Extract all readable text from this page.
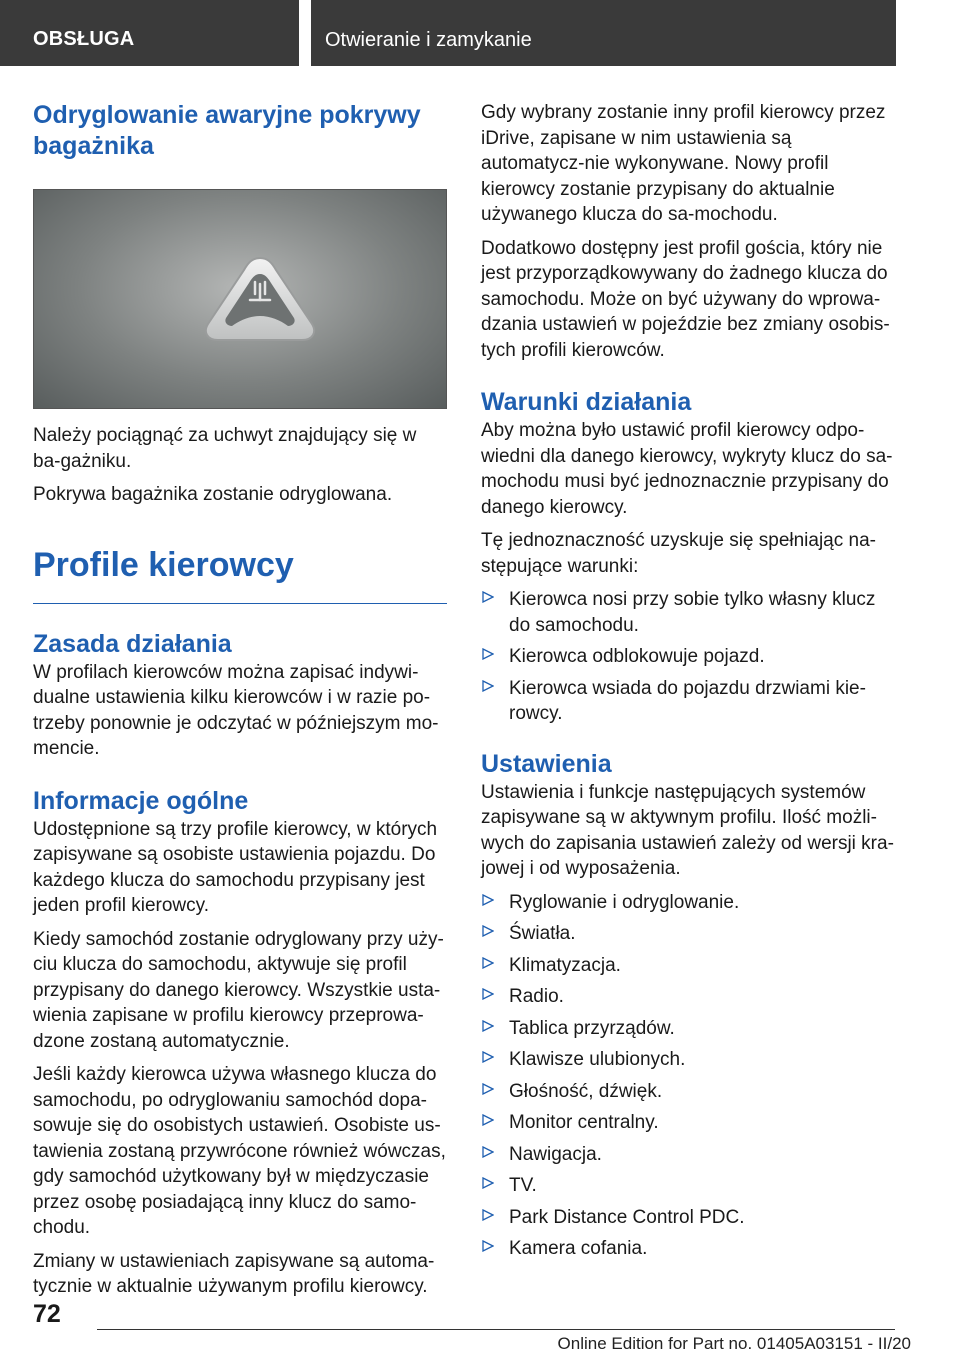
OBSŁUGA	Otwieranie i zamykanie
Odryglowanie awaryjne pokrywy bagażnika

Należy pociągnąć za uchwyt znajdujący się w ba-gażniku.

Pokrywa bagażnika zostanie odryglowana.

Profile kierowcy
Zasada działania

W profilach kierowców można zapisać indywi-dualne ustawienia kilku kierowców i w razie po-trzeby ponownie je odczytać w późniejszym mo-mencie.

Informacje ogólne

Udostępnione są trzy profile kierowcy, w których zapisywane są osobiste ustawienia pojazdu. Do każdego klucza do samochodu przypisany jest jeden profil kierowcy.

Kiedy samochód zostanie odryglowany przy uży-ciu klucza do samochodu, aktywuje się profil przypisany do danego kierowcy. Wszystkie usta-wienia zapisane w profilu kierowcy przeprowa-dzone zostaną automatycznie.

Jeśli każdy kierowca używa własnego klucza do samochodu, po odryglowaniu samochód dopa-sowuje się do osobistych ustawień. Osobiste us-tawienia zostaną przywrócone również wówczas, gdy samochód użytkowany był w międzyczasie przez osobę posiadającą inny klucz do samo-chodu.

Zmiany w ustawieniach zapisywane są automa-tycznie w aktualnie używanym profilu kierowcy.

Gdy wybrany zostanie inny profil kierowcy przez iDrive, zapisane w nim ustawienia są automatycz-nie wykonywane. Nowy profil kierowcy zostanie przypisany do aktualnie używanego klucza do sa-mochodu.

Dodatkowo dostępny jest profil gościa, który nie jest przyporządkowywany do żadnego klucza do samochodu. Może on być używany do wprowa-dzania ustawień w pojeździe bez zmiany osobis-tych profili kierowców.

Warunki działania

Aby można było ustawić profil kierowcy odpo-wiedni dla danego kierowcy, wykryty klucz do sa-mochodu musi być jednoznacznie przypisany do danego kierowcy.

Tę jednoznaczność uzyskuje się spełniając na-stępujące warunki:

Kierowca nosi przy sobie tylko własny klucz do samochodu.
Kierowca odblokowuje pojazd.
Kierowca wsiada do pojazdu drzwiami kie-rowcy.
Ustawienia

Ustawienia i funkcje następujących systemów zapisywane są w aktywnym profilu. Ilość możli-wych do zapisania ustawień zależy od wersji kra-jowej i od wyposażenia.

Ryglowanie i odryglowanie.
Światła.
Klimatyzacja.
Radio.
Tablica przyrządów.
Klawisze ulubionych.
Głośność, dźwięk.
Monitor centralny.
Nawigacja.
TV.
Park Distance Control PDC.
Kamera cofania.
72
Online Edition for Part no. 01405A03151 - II/20
